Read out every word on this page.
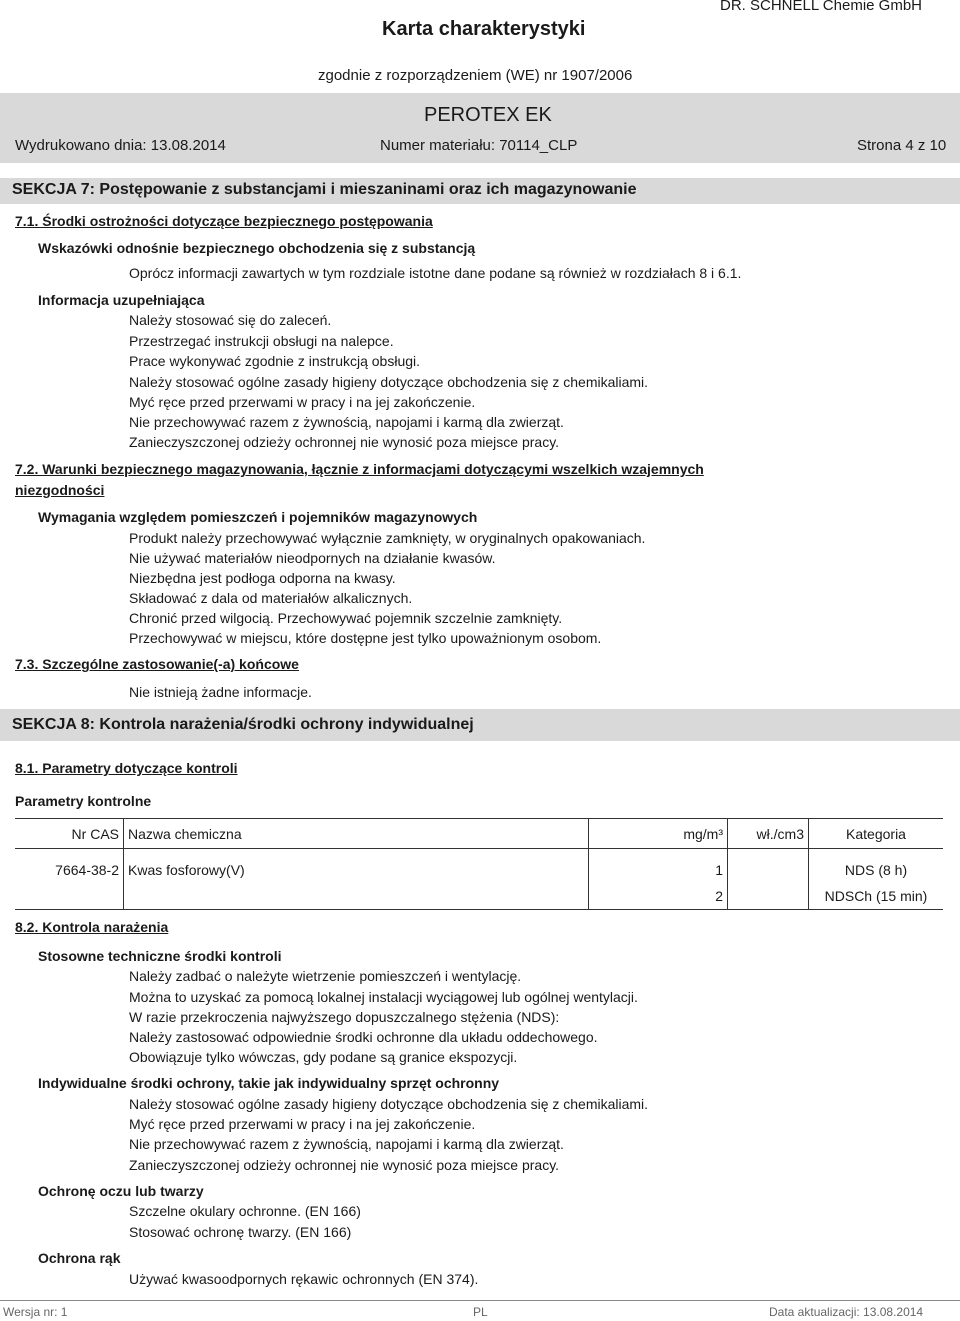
Karta charakterystyki
DR. SCHNELL Chemie GmbH
zgodnie z rozporządzeniem (WE) nr 1907/2006
PEROTEX EK
Wydrukowano dnia: 13.08.2014	Numer materiału: 70114_CLP	Strona 4 z 10
SEKCJA 7: Postępowanie z substancjami i mieszaninami oraz ich magazynowanie
7.1. Środki ostrożności dotyczące bezpiecznego postępowania
Wskazówki odnośnie bezpiecznego obchodzenia się z substancją
Oprócz informacji zawartych w tym rozdziale istotne dane podane są również w rozdziałach 8 i 6.1.
Informacja uzupełniająca
Należy stosować się do zaleceń.
Przestrzegać instrukcji obsługi na nalepce.
Prace wykonywać zgodnie z instrukcją obsługi.
Należy stosować ogólne zasady higieny dotyczące obchodzenia się z chemikaliami.
Myć ręce przed przerwami w pracy i na jej zakończenie.
Nie przechowywać razem z żywnością, napojami i karmą dla zwierząt.
Zanieczyszczonej odzieży ochronnej nie wynosić poza miejsce pracy.
7.2. Warunki bezpiecznego magazynowania, łącznie z informacjami dotyczącymi wszelkich wzajemnych
niezgodności
Wymagania względem pomieszczeń i pojemników magazynowych
Produkt należy przechowywać wyłącznie zamknięty, w oryginalnych opakowaniach.
Nie używać materiałów nieodpornych na działanie kwasów.
Niezbędna jest podłoga odporna na kwasy.
Składować z dala od materiałów alkalicznych.
Chronić przed wilgocią. Przechowywać pojemnik szczelnie zamknięty.
Przechowywać w miejscu, które dostępne jest tylko upoważnionym osobom.
7.3. Szczególne zastosowanie(-a) końcowe
Nie istnieją żadne informacje.
SEKCJA 8: Kontrola narażenia/środki ochrony indywidualnej
8.1. Parametry dotyczące kontroli
Parametry kontrolne
Nr CAS	Nazwa chemiczna	mg/m³	wł./cm3	Kategoria

7664-38-2	Kwas fosforowy(V)	1		NDS (8 h)
		2		NDSCh (15 min)
8.2. Kontrola narażenia
Stosowne techniczne środki kontroli
Należy zadbać o należyte wietrzenie pomieszczeń i wentylację.
Można to uzyskać za pomocą lokalnej instalacji wyciągowej lub ogólnej wentylacji.
W razie przekroczenia najwyższego dopuszczalnego stężenia (NDS):
Należy zastosować odpowiednie środki ochronne dla układu oddechowego.
Obowiązuje tylko wówczas, gdy podane są granice ekspozycji.
Indywidualne środki ochrony, takie jak indywidualny sprzęt ochronny
Należy stosować ogólne zasady higieny dotyczące obchodzenia się z chemikaliami.
Myć ręce przed przerwami w pracy i na jej zakończenie.
Nie przechowywać razem z żywnością, napojami i karmą dla zwierząt.
Zanieczyszczonej odzieży ochronnej nie wynosić poza miejsce pracy.
Ochronę oczu lub twarzy
Szczelne okulary ochronne. (EN 166)
Stosować ochronę twarzy. (EN 166)
Ochrona rąk
Używać kwasoodpornych rękawic ochronnych (EN 374).
Wersja nr: 1	PL	Data aktualizacji: 13.08.2014
